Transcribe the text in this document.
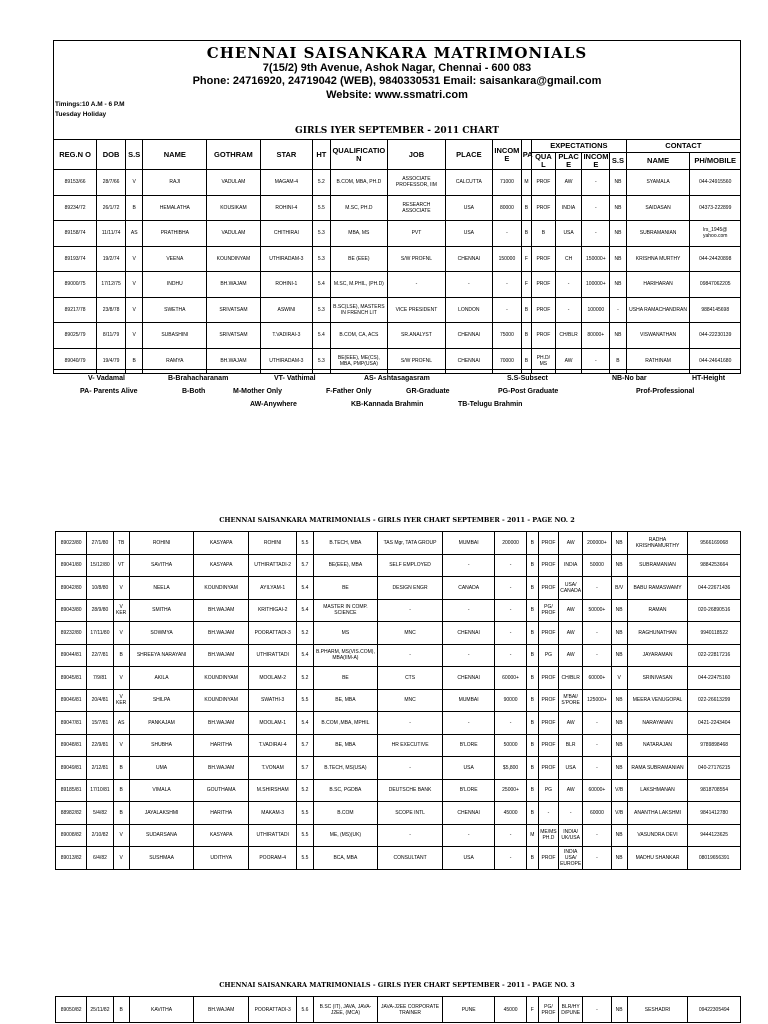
CHENNAI SAISANKARA MATRIMONIALS
7(15/2) 9th Avenue, Ashok Nagar, Chennai - 600 083
Phone: 24716920, 24719042 (WEB), 9840330531 Email: saisankara@gmail.com
Website: www.ssmatri.com
Timings:10 A.M - 6 P.M
Tuesday Holiday
GIRLS IYER SEPTEMBER - 2011 CHART
REG.N O	DOB	S.S	NAME	GOTHRAM	STAR	HT	QUALIFICATIO N	JOB	PLACE	INCOM E	PA	EXPECTATIONS				CONTACT	
												QUA L	PLAC E	INCOM E	S.S	NAME	PH/MOBILE
89153/66	28/7/66	V	RAJI	VADULAM	MAGAM-4	5.2	B.COM, MBA, PH.D	ASSOCIATE PROFESSOR, IIM	CALCUTTA	71000	M	PROF	AW	-	NB	SYAMALA	044-24915560
89234/72	26/1/72	B	HEMALATHA	KOUSIKAM	ROHINI-4	5.5	M.SC, PH.D	RESEARCH ASSOCIATE	USA	80000	B	PROF	INDIA	-	NB	SAIDASAN	04373-222899
89158/74	11/11/74	AS	PRATHIBHA	VADULAM	CHITHIRAI	5.3	MBA, MS	PVT	USA	-	B	B	USA	-	NB	SUBRAMANIAN	lrs_1945@ yahoo.com
89193/74	19/2/74	V	VEENA	KOUNDINYAM	UTHIRADAM-3	5.3	BE (EEE)	S/W PROFNL	CHENNAI	150000	F	PROF	CH	150000+	NB	KRISHNA MURTHY	044-24420898
89000/75	17/12/75	V	INDHU	BH.WAJAM	ROHINI-1	5.4	M.SC, M.PHIL, (PH.D)	-	-	-	F	PROF	-	100000+	NB	HARIHARAN	09847062205
89217/78	23/8/78	V	SWETHA	SRIVATSAM	ASWINI	5.3	B.SC(LSE), MASTERS IN FRENCH LIT	VICE PRESIDENT	LONDON	-	B	PROF	-	100000	-	USHA RAMACHANDRAN	9884145698
89025/79	8/11/79	V	SUBASHINI	SRIVATSAM	T.VADIRAI-3	5.4	B.COM, CA, ACS	SR.ANALYST	CHENNAI	75000	B	PROF	CH/BLR	80000+	NB	VISWANATHAN	044-22230139
89040/79	19/4/79	B	RAMYA	BH.WAJAM	UTHIRADAM-3	5.3	BE(EEE), ME(CS), MBA, PMP(USA)	S/W PROFNL	CHENNAI	70000	B	PH.D/ MS	AW	-	B	RATHINAM	044-24641680
V- Vadamal	B-Brahacharanam	VT- Vathimal	AS- Ashtasagasram	S.S-Subsect	NB-No bar	HT-Height
PA- Parents Alive	B-Both	M-Mother Only	F-Father Only	GR-Graduate	PG-Post Graduate	Prof-Professional
AW-Anywhere	KB-Kannada Brahmin	TB-Telugu Brahmin
CHENNAI SAISANKARA MATRIMONIALS - GIRLS IYER CHART SEPTEMBER - 2011 - PAGE NO. 2
89023/80	27/1/80	TB	ROHINI	KASYAPA	ROHINI	5.5	B.TECH, MBA	TAS Mgr, TATA GROUP	MUMBAI	200000	B	PROF	AW	200000+	NB	RADHA KRISHNAMURTHY	9566169068
89041/80	15/12/80	VT	SAVITHA	KASYAPA	UTHIRATTADI-2	5.7	BE(EEE), MBA	SELF EMPLOYED	-	-	B	PROF	INDIA	50000	NB	SUBRAMANIAN	9884253664
89042/80	10/8/80	V	NEELA	KOUNDINYAM	AYILYAM-1	5.4	BE	DESIGN ENGR	CANADA	-	B	PROF	USA/ CANADA	-	B/V	BABU RAMASWAMY	044-22671436
89043/80	28/9/80	V KER	SMITHA	BH.WAJAM	KRITHIGAI-2	5.4	MASTER IN COMP. SCIENCE	-	-	-	B	PG/ PROF	AW	50000+	NB	RAMAN	020-26890516
89232/80	17/11/80	V	SOWMYA	BH.WAJAM	POORATTADI-3	5.2	MS	MNC	CHENNAI	-	B	PROF	AW	-	NB	RAGHUNATHAN	9940118522
89044/81	22/7/81	B	SHREEYA NARAYANI	BH.WAJAM	UTHIRATTADI	5.4	B.PHARM, MS(VIS.COM), MBA(IIM-A)	-	-	-	B	PG	AW	-	NB	JAYARAMAN	022-22817216
89045/81	7/9/81	V	AKILA	KOUNDINYAM	MOOLAM-2	5.2	BE	CTS	CHENNAI	60000+	B	PROF	CH/BLR	60000+	V	SRINIVASAN	044-22475160
89046/81	20/4/81	V KER	SHILPA	KOUNDINYAM	SWATHI-3	5.5	BE, MBA	MNC	MUMBAI	90000	B	PROF	M'BAI/ S'PORE	125000+	NB	MEERA VENUGOPAL	022-26613299
89047/81	15/7/81	AS	PANKAJAM	BH.WAJAM	MOOLAM-1	5.4	B.COM ,MBA, MPHIL	-	-	-	B	PROF	AW	-	NB	NARAYANAN	0421-2243404
89048/81	22/9/81	V	SHUBHA	HARITHA	T.VADIRAI-4	5.7	BE, MBA	HR EXECUTIVE	B'LORE	50000	B	PROF	BLR	-	NB	NATARAJAN	9789898468
89049/81	2/12/81	B	UMA	BH.WAJAM	T.VONAM	5.7	B.TECH, MS(USA)	-	USA	$5,800	B	PROF	USA	-	NB	RAMA SUBRAMANIAN	040-27176215
89185/81	17/10/81	B	VIMALA	GOUTHAMA	M.SHIRSHAM	5.2	B.SC, PGDBA	DEUTSCHE BANK	B'LORE	25000+	B	PG	AW	60000+	V/B	LAKSHMANAN	9818708554
88982/82	5/4/82	B	JAYALAKSHMI	HARITHA	MAKAM-3	5.5	B.COM	SCOPE INTL	CHENNAI	45000	B	-	-	60000	V/B	ANANTHA LAKSHMI	9841412780
89008/82	2/10/82	V	SUDARSANA	KASYAPA	UTHIRATTADI	5.5	ME, (MS)(UK)	-	-	-	M	ME/MS PH.D	INDIA/ UK/USA	-	NB	VASUNDRA DEVI	9444123625
89013/82	6/4/82	V	SUSHMAA	UDITHYA	POORAM-4	5.5	BCA, MBA	CONSULTANT	USA	-	B	PROF	INDIA USA/ EUROPE	-	NB	MADHU SHANKAR	08019656391
CHENNAI SAISANKARA MATRIMONIALS - GIRLS IYER CHART SEPTEMBER - 2011 - PAGE NO. 3
89050/82	25/11/82	B	KAVITHA	BH.WAJAM	POORATTADI-3	5.6	B.SC (IT), JAVA, JAVA-J2EE, (MCA)	JAVA-J2EE CORPORATE TRAINER	PUNE	45000	F	PG/ PROF	BLR/HY D/PUNE	-	NB	SESHADRI	09422305494
